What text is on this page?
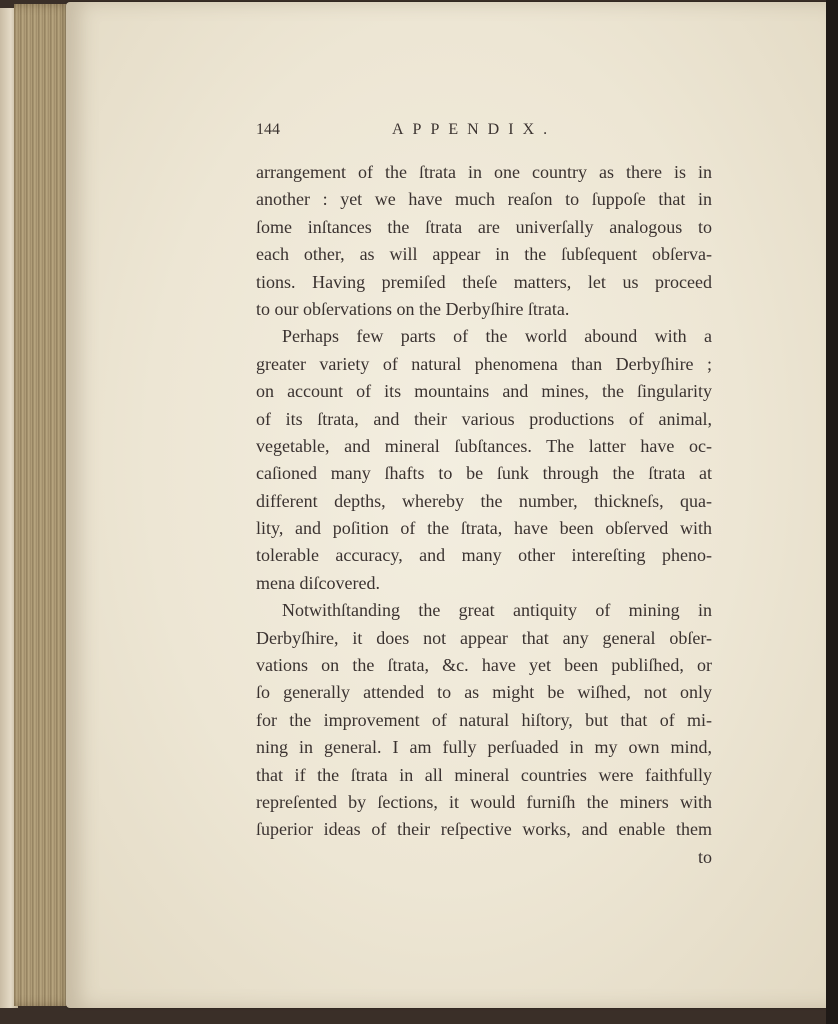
144	APPENDIX.
arrangement of the ſtrata in one country as there is in
another : yet we have much reaſon to ſuppoſe that in
ſome inſtances the ſtrata are univerſally analogous to
each other, as will appear in the ſubſequent obſerva-
tions. Having premiſed theſe matters, let us proceed
to our obſervations on the Derbyſhire ſtrata.
Perhaps few parts of the world abound with a
greater variety of natural phenomena than Derbyſhire ;
on account of its mountains and mines, the ſingularity
of its ſtrata, and their various productions of animal,
vegetable, and mineral ſubſtances. The latter have oc-
caſioned many ſhafts to be ſunk through the ſtrata at
different depths, whereby the number, thickneſs, qua-
lity, and poſition of the ſtrata, have been obſerved with
tolerable accuracy, and many other intereſting pheno-
mena diſcovered.
Notwithſtanding the great antiquity of mining in
Derbyſhire, it does not appear that any general obſer-
vations on the ſtrata, &c. have yet been publiſhed, or
ſo generally attended to as might be wiſhed, not only
for the improvement of natural hiſtory, but that of mi-
ning in general. I am fully perſuaded in my own mind,
that if the ſtrata in all mineral countries were faithfully
repreſented by ſections, it would furniſh the miners with
ſuperior ideas of their reſpective works, and enable them
to
